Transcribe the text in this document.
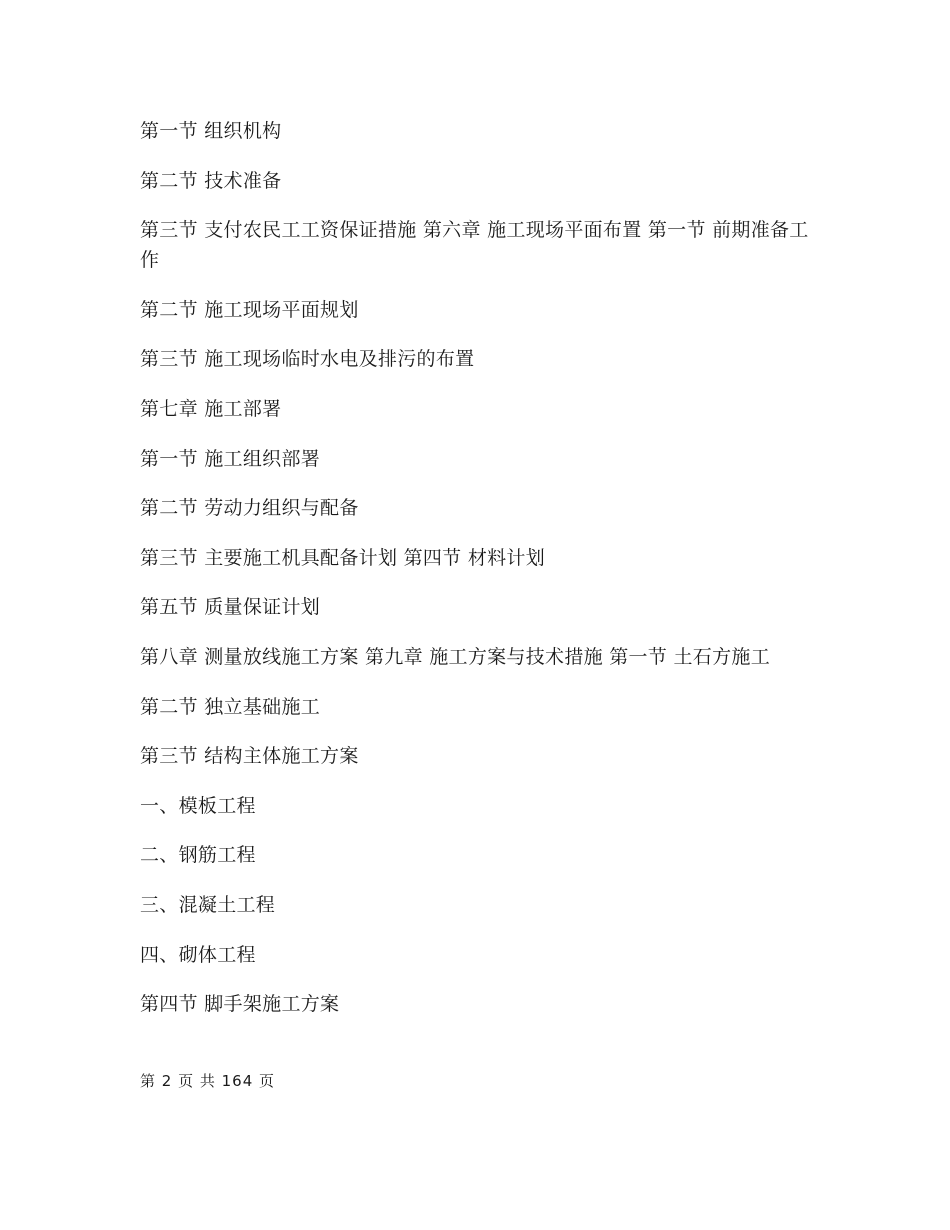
第一节 组织机构
第二节 技术准备
第三节 支付农民工工资保证措施 第六章 施工现场平面布置 第一节 前期准备工作
第二节 施工现场平面规划
第三节 施工现场临时水电及排污的布置
第七章 施工部署
第一节 施工组织部署
第二节 劳动力组织与配备
第三节 主要施工机具配备计划 第四节 材料计划
第五节 质量保证计划
第八章 测量放线施工方案 第九章 施工方案与技术措施 第一节 土石方施工
第二节 独立基础施工
第三节 结构主体施工方案
一、模板工程
二、钢筋工程
三、混凝土工程
四、砌体工程
第四节 脚手架施工方案
第 2 页 共 164 页
